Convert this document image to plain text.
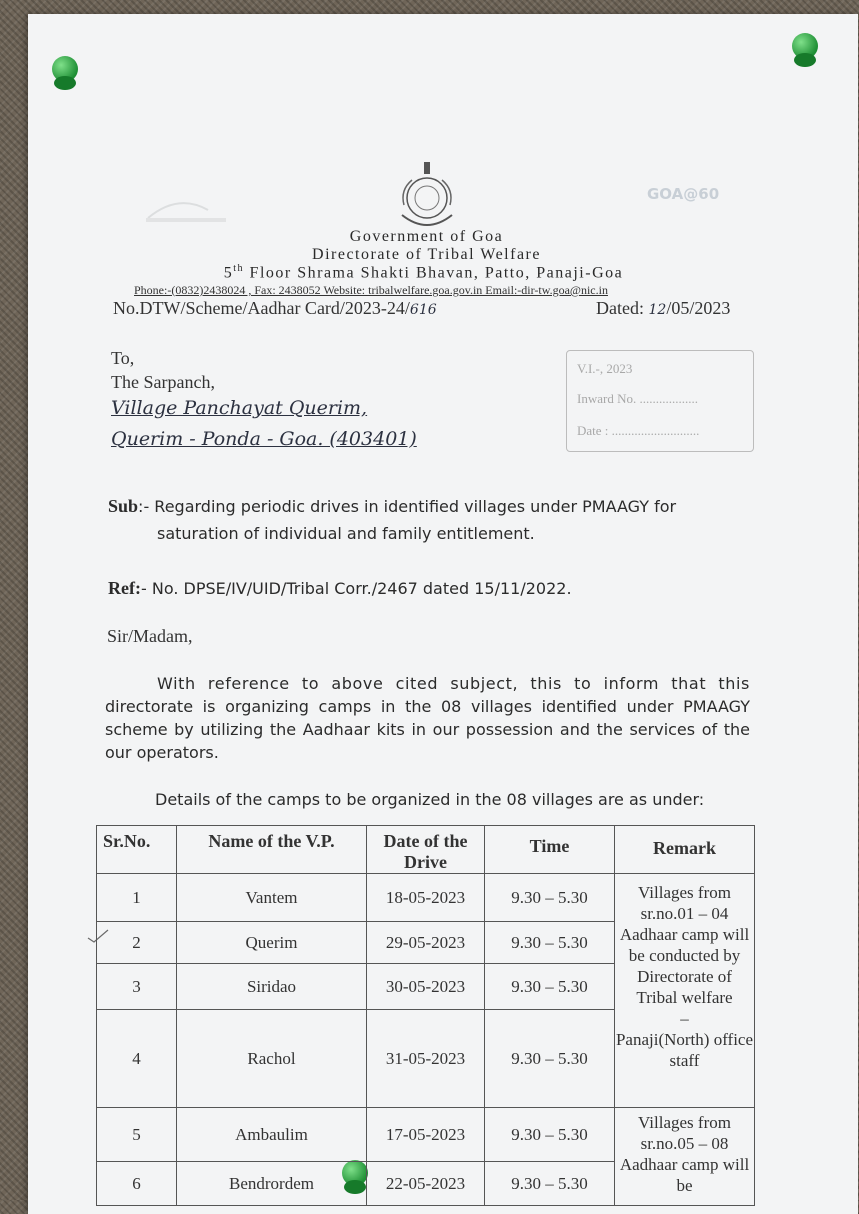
GOA@60
Government of Goa
Directorate of Tribal Welfare
5th Floor Shrama Shakti Bhavan, Patto, Panaji-Goa
Phone:-(0832)2438024 , Fax: 2438052 Website: tribalwelfare.goa.gov.in Email:-dir-tw.goa@nic.in
No.DTW/Scheme/Aadhar Card/2023-24/616	Dated: 12/05/2023
To,
The Sarpanch,
Village Panchayat Querim,
Querim - Ponda - Goa. (403401)
V.I.-, 2023
Inward No. ..................
Date : ...........................
Sub:- Regarding periodic drives in identified villages under PMAAGY for
saturation of individual and family entitlement.
Ref:- No. DPSE/IV/UID/Tribal Corr./2467 dated 15/11/2022.
Sir/Madam,
With reference to above cited subject, this to inform that this
directorate is organizing camps in the 08 villages identified under PMAAGY
scheme by utilizing the Aadhaar kits in our possession and the services of the
our operators.
Details of the camps to be organized in the 08 villages are as under:
Sr.No.	Name of the V.P.	Date of the Drive	Time	Remark
1	Vantem	18-05-2023	9.30 – 5.30	Villages from sr.no.01 – 04 Aadhaar camp will be conducted by Directorate of Tribal welfare
–
Panaji(North) office staff

2	Querim	29-05-2023	9.30 – 5.30	
3	Siridao	30-05-2023	9.30 – 5.30	
4	Rachol	31-05-2023	9.30 – 5.30	
5	Ambaulim	17-05-2023	9.30 – 5.30	Villages from sr.no.05 – 08 Aadhaar camp will be
6	Bendrordem	22-05-2023	9.30 – 5.30	
